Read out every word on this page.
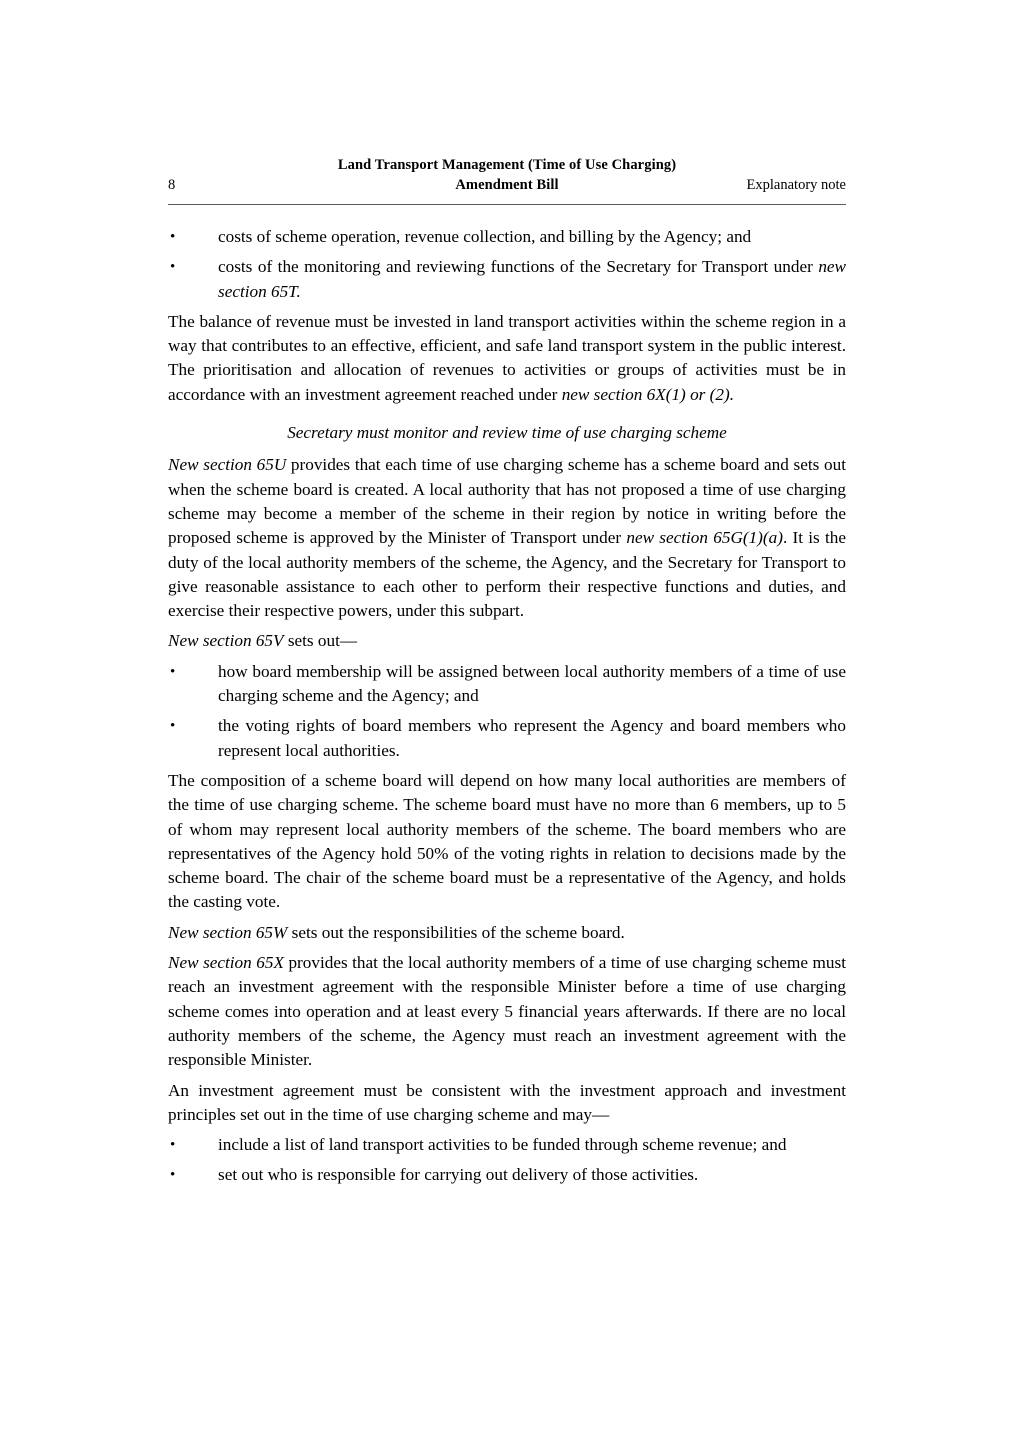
8
Land Transport Management (Time of Use Charging)
Amendment Bill	Explanatory note
• costs of scheme operation, revenue collection, and billing by the Agency; and
• costs of the monitoring and reviewing functions of the Secretary for Transport under new section 65T.

The balance of revenue must be invested in land transport activities within the scheme region in a way that contributes to an effective, efficient, and safe land transport system in the public interest. The prioritisation and allocation of revenues to activities or groups of activities must be in accordance with an investment agreement reached under new section 6X(1) or (2).

Secretary must monitor and review time of use charging scheme

New section 65U provides that each time of use charging scheme has a scheme board and sets out when the scheme board is created. A local authority that has not proposed a time of use charging scheme may become a member of the scheme in their region by notice in writing before the proposed scheme is approved by the Minister of Transport under new section 65G(1)(a). It is the duty of the local authority members of the scheme, the Agency, and the Secretary for Transport to give reasonable assistance to each other to perform their respective functions and duties, and exercise their respective powers, under this subpart.

New section 65V sets out—

• how board membership will be assigned between local authority members of a time of use charging scheme and the Agency; and
• the voting rights of board members who represent the Agency and board members who represent local authorities.

The composition of a scheme board will depend on how many local authorities are members of the time of use charging scheme. The scheme board must have no more than 6 members, up to 5 of whom may represent local authority members of the scheme. The board members who are representatives of the Agency hold 50% of the voting rights in relation to decisions made by the scheme board. The chair of the scheme board must be a representative of the Agency, and holds the casting vote.

New section 65W sets out the responsibilities of the scheme board.

New section 65X provides that the local authority members of a time of use charging scheme must reach an investment agreement with the responsible Minister before a time of use charging scheme comes into operation and at least every 5 financial years afterwards. If there are no local authority members of the scheme, the Agency must reach an investment agreement with the responsible Minister.

An investment agreement must be consistent with the investment approach and investment principles set out in the time of use charging scheme and may—

• include a list of land transport activities to be funded through scheme revenue; and
• set out who is responsible for carrying out delivery of those activities.
